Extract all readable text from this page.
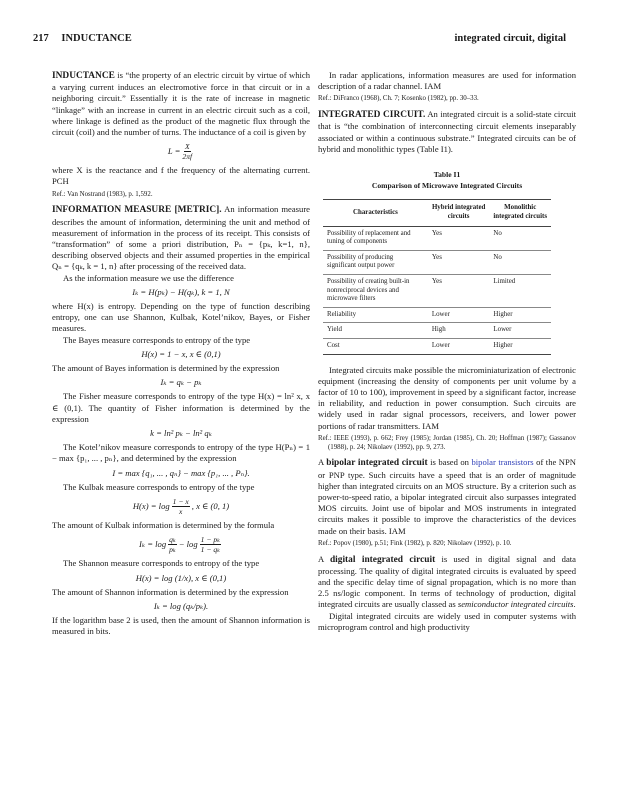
217 INDUCTANCE	integrated circuit, digital

INDUCTANCE is “the property of an electric circuit by virtue of which a varying current induces an electromotive force in that circuit or in a neighboring circuit.” Essentially it is the rate of increase in magnetic “linkage” with an increase in current in an electric circuit such as a coil, where linkage is defined as the product of the magnetic flux through the circuit (coil) and the number of turns. The inductance of a coil is given by

$L = \frac{X}{2\pi f}$

where X is the reactance and f the frequency of the alternating current. PCH

Ref.: Van Nostrand (1983), p. 1,592.

INFORMATION MEASURE [METRIC]. An information measure describes the amount of information, determining the unit and method of measurement of information in the process of its receipt. This consists of “transformation” of some a priori distribution, Pₙ = {pₖ, k=1, n}, describing observed objects and their assumed properties in the empirical Qₙ = {qₖ, k = 1, n} after processing of the received data.

As the information measure we use the difference

Iₖ = H(pₖ) − H(qₖ), k = 1, N

where H(x) is entropy. Depending on the type of function describing entropy, one can use Shannon, Kulbak, Kotel’nikov, Bayes, or Fisher measures.

The Bayes measure corresponds to entropy of the type

H(x) = 1 − x, x ∈ (0,1)

The amount of Bayes information is determined by the expression

Iₖ = qₖ − pₖ

The Fisher measure corresponds to entropy of the type H(x) = ln² x, x ∈ (0,1). The quantity of Fisher information is determined by the expression

k = ln² pₖ − ln² qₖ

The Kotel’nikov measure corresponds to entropy of the type H(Pₙ) = 1 − max {p₁, ... , pₙ}, and determined by the expression

I = max {q₁, ... , qₙ} − max {p₁, ... , Pₙ}.

The Kulbak measure corresponds to entropy of the type

$H(x) = \log \frac{1 - x}{x}$ , x ∈ (0, 1)

The amount of Kulbak information is determined by the formula

$I_k = \log \frac{\text{qₖ}}{\text{pₖ}} - \log \frac{\text{1 − pₖ}}{\text{1 − qₖ}}$

The Shannon measure corresponds to entropy of the type

H(x) = log (1/x), x ∈ (0,1)

The amount of Shannon information is determined by the expression

Iₖ = log (qₖ/pₖ).

If the logarithm base 2 is used, then the amount of Shannon information is measured in bits.

In radar applications, information measures are used for information description of a radar channel. IAM

Ref.: DiFranco (1968), Ch. 7; Kosenko (1982), pp. 30–33.

INTEGRATED CIRCUIT. An integrated circuit is a solid-state circuit that is “the combination of interconnecting circuit elements inseparably associated or within a continuous substrate.” Integrated circuits can be of hybrid and monolithic types (Table I1).

Table I1

Comparison of Microwave Integrated Circuits

Characteristics	Hybrid integrated circuits	Monolithic integrated circuits
Possibility of replacement and tuning of components	Yes	No
Possibility of producing significant output power	Yes	No
Possibility of creating built-in nonreciprocal devices and microwave filters	Yes	Limited
Reliability	Lower	Higher
Yield	High	Lower
Cost	Lower	Higher

Integrated circuits make possible the microminiaturization of electronic equipment (increasing the density of components per unit volume by a factor of 10 to 100), improvement in speed by a significant factor, increase in reliability, and reduction in power consumption. Such circuits are widely used in radar signal processors, receivers, and lower power portions of radar transmitters. IAM

Ref.: IEEE (1993), p. 662; Frey (1985); Jordan (1985), Ch. 20; Hoffman (1987); Gassanov (1988), p. 24; Nikolaev (1992), pp. 9, 273.

A bipolar integrated circuit is based on bipolar transistors of the NPN or PNP type. Such circuits have a speed that is an order of magnitude higher than integrated circuits on an MOS structure. By a criterion such as power-to-speed ratio, a bipolar integrated circuit also surpasses integrated MOS circuits. Joint use of bipolar and MOS instruments in integrated circuits makes it possible to improve the characteristics of the devices made on their basis. IAM

Ref.: Popov (1980), p.51; Fink (1982), p. 820; Nikolaev (1992), p. 10.

A digital integrated circuit is used in digital signal and data processing. The quality of digital integrated circuits is evaluated by speed and the specific delay time of signal propagation, which is no more than 2.5 ns/logic component. In terms of technology of production, digital integrated circuits are usually classed as semiconductor integrated circuits.

Digital integrated circuits are widely used in computer systems with microprogram control and high productivity
